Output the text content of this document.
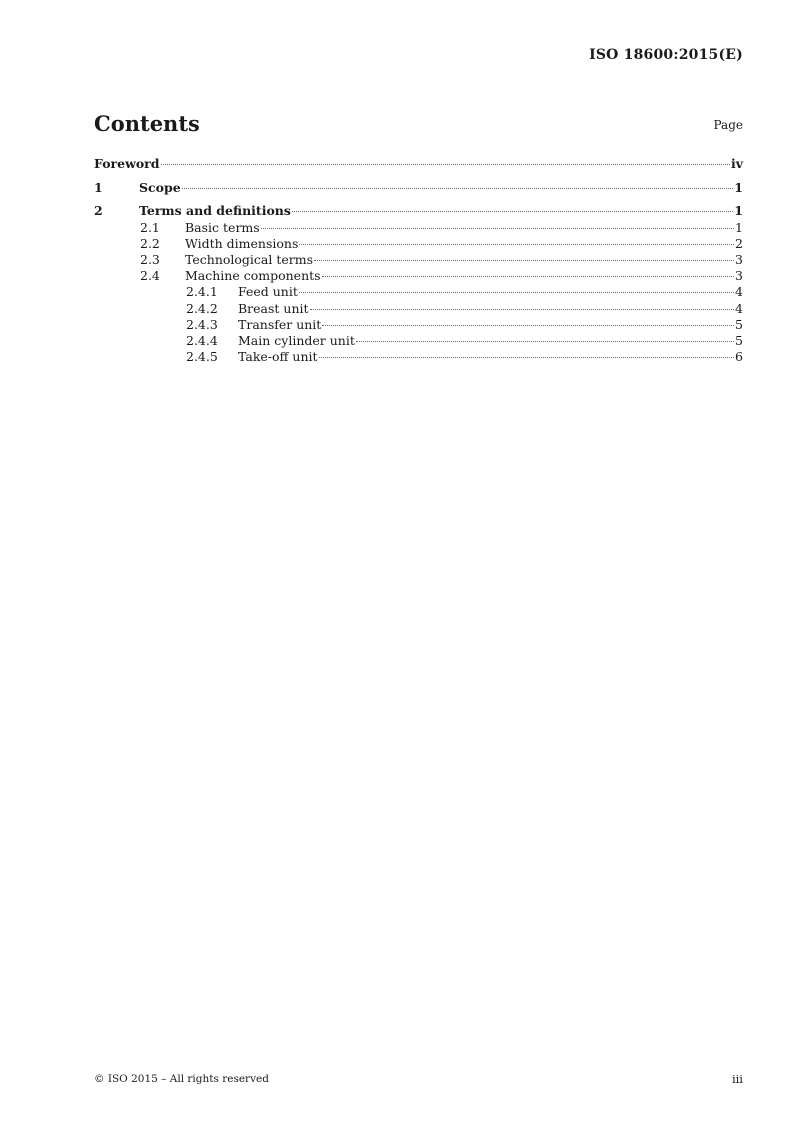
ISO 18600:2015(E)
Contents	Page
Foreword	iv
1	Scope	1
2	Terms and definitions	1
2.1	Basic terms	1
2.2	Width dimensions	2
2.3	Technological terms	3
2.4	Machine components	3
2.4.1	Feed unit	4
2.4.2	Breast unit	4
2.4.3	Transfer unit	5
2.4.4	Main cylinder unit	5
2.4.5	Take-off unit	6
© ISO 2015 – All rights reserved	iii
